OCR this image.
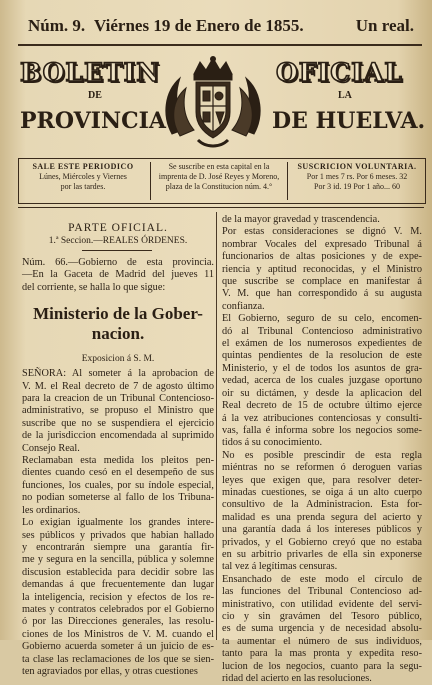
Núm. 9. Viérnes 19 de Enero de 1855.	Un real.
BOLETIN	OFICIAL
DE	LA
PROVINCIA	DE HUELVA.
SALE ESTE PERIODICO
Lúnes, Miércoles y Viernes
por las tardes.
Se suscribe en esta capital en la
imprenta de D. José Reyes y Moreno,
plaza de la Constitucion núm. 4.°
SUSCRICION VOLUNTARIA.
Por 1 mes 7 rs. Por 6 meses. 32
Por 3 id. 19 Por 1 año... 60
PARTE OFICIAL.
1.ª Seccion.—REALES ÓRDENES.
Núm. 66.—Gobierno de esta provincia.
—En la Gaceta de Madrid del jueves 11
del corriente, se halla lo que sigue:
Ministerio de la Gober-
nacion.
Exposicion á S. M.
SEÑORA: Al someter á la aprobacion de
V. M. el Real decreto de 7 de agosto último
para la creacion de un Tribunal Contencioso-
administrativo, se propuso el Ministro que
suscribe que no se suspendiera el ejercicio
de la jurisdiccion encomendada al suprimido
Consejo Real.
Reclamaban esta medida los pleitos pen-
dientes cuando cesó en el desempeño de sus
funciones, los cuales, por su índole especial,
no podian someterse al fallo de los Tribuna-
les ordinarios.
Lo exigian igualmente los grandes intere-
ses públicos y privados que habian hallado
y encontrarán siempre una garantía fir-
me y segura en la sencilla, pública y solemne
discusion establecida para decidir sobre las
demandas á que frecuentemente dan lugar
la inteligencia, recision y efectos de los re-
mates y contratos celebrados por el Gobierno
ó por las Direcciones generales, las resolu-
ciones de los Ministros de V. M. cuando el
Gobierno acuerda someter á un juicio de es-
ta clase las reclamaciones de los que se sien-
ten agraviados por ellas, y otras cuestiones
de la mayor gravedad y trascendencia.
Por estas consideraciones se dignó V. M.
nombrar Vocales del expresado Tribunal á
funcionarios de altas posiciones y de expe-
riencia y aptitud reconocidas, y el Ministro
que suscribe se complace en manifestar á
V. M. que han correspondido á su augusta
confianza.
El Gobierno, seguro de su celo, encomen-
dó al Tribunal Contencioso administrativo
el exámen de los numerosos expedientes de
quintas pendientes de la resolucion de este
Ministerio, y el de todos los asuntos de gra-
vedad, acerca de los cuales juzgase oportuno
oir su dictámen, y desde la aplicacion del
Real decreto de 15 de octubre último ejerce
á la vez atribuciones contenciosas y consulti-
vas, falla é informa sobre los negocios some-
tidos á su conocimiento.
No es posible prescindir de esta regla
miéntras no se reformen ó deroguen varias
leyes que exigen que, para resolver deter-
minadas cuestiones, se oiga á un alto cuerpo
consultivo de la Administracion. Esta for-
malidad es una prenda segura del acierto y
una garantía dada á los intereses públicos y
privados, y el Gobierno creyó que no estaba
en su arbitrio privarles de ella sin exponerse
tal vez á legítimas censuras.
Ensanchado de este modo el círculo de
las funciones del Tribunal Contencioso ad-
ministrativo, con utilidad evidente del servi-
cio y sin gravámen del Tesoro público,
es de suma urgencia y de necesidad absolu-
ta aumentar el número de sus individuos,
tanto para la mas pronta y expedita reso-
lucion de los negocios, cuanto para la segu-
ridad del acierto en las resoluciones.
